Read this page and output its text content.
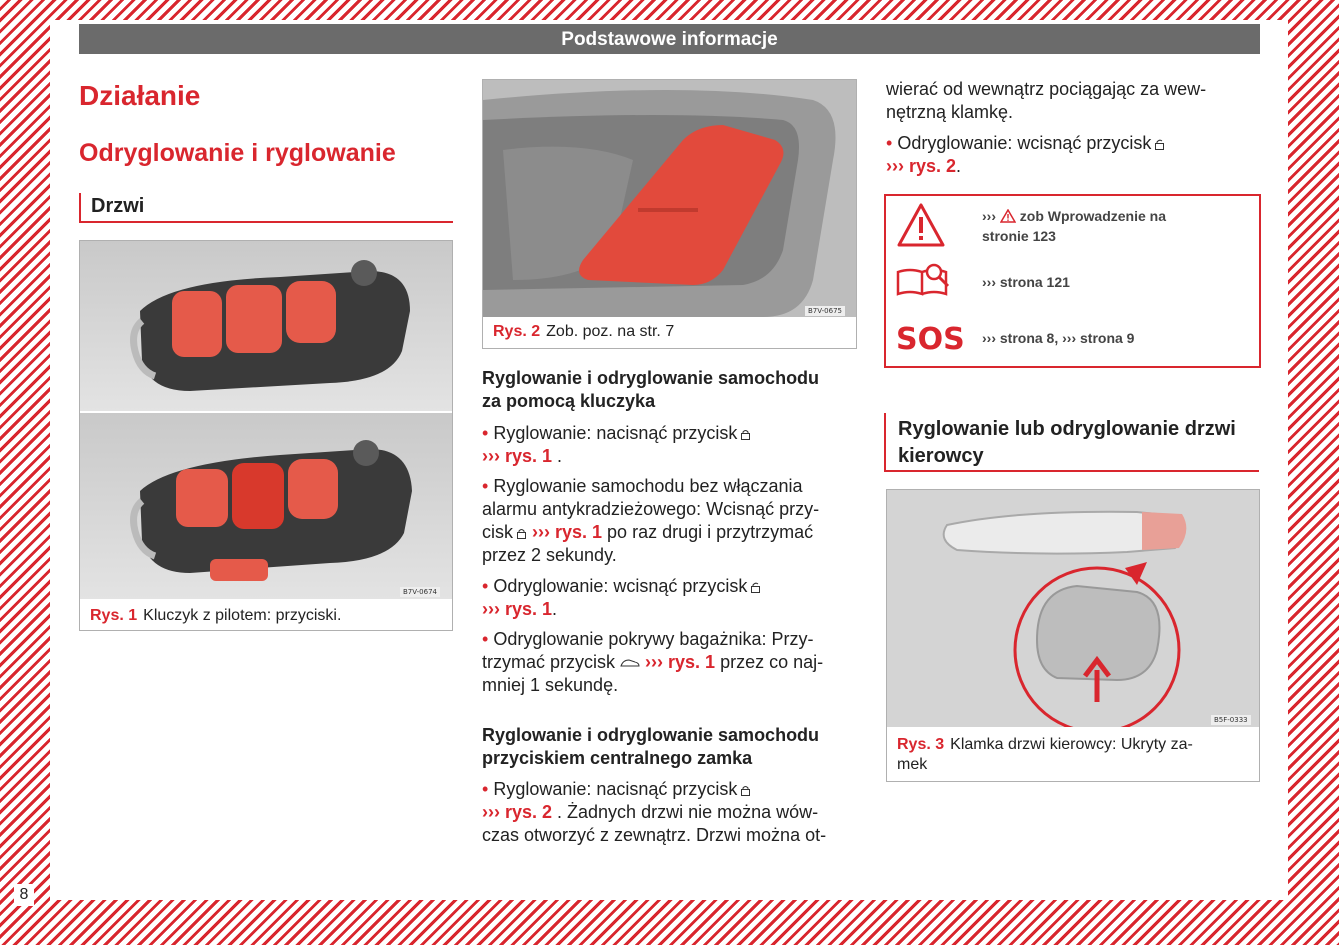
8
Podstawowe informacje
Działanie
Odryglowanie i ryglowanie
Drzwi
B7V-0674
Rys. 1 Kluczyk z pilotem: przyciski.
B7V-0675
Rys. 2 Zob. poz. na str. 7
Ryglowanie i odryglowanie samochodu
za pomocą kluczyka
• Ryglowanie: nacisnąć przycisk
››› rys. 1 .
• Ryglowanie samochodu bez włączania
alarmu antykradzieżowego: Wcisnąć przy-
cisk ››› rys. 1 po raz drugi i przytrzymać
przez 2 sekundy.
• Odryglowanie: wcisnąć przycisk
››› rys. 1.
• Odryglowanie pokrywy bagażnika: Przy-
trzymać przycisk ››› rys. 1 przez co naj-
mniej 1 sekundę.
Ryglowanie i odryglowanie samochodu
przyciskiem centralnego zamka
• Ryglowanie: nacisnąć przycisk
››› rys. 2 . Żadnych drzwi nie można wów-
czas otworzyć z zewnątrz. Drzwi można ot-
wierać od wewnątrz pociągając za wew-
nętrzną klamkę.
• Odryglowanie: wcisnąć przycisk
››› rys. 2.
››› zob Wprowadzenie na
stronie 123
››› strona 121
SOS ››› strona 8, ››› strona 9
Ryglowanie lub odryglowanie drzwi kierowcy
B5F-0333
Rys. 3 Klamka drzwi kierowcy: Ukryty za-
mek
